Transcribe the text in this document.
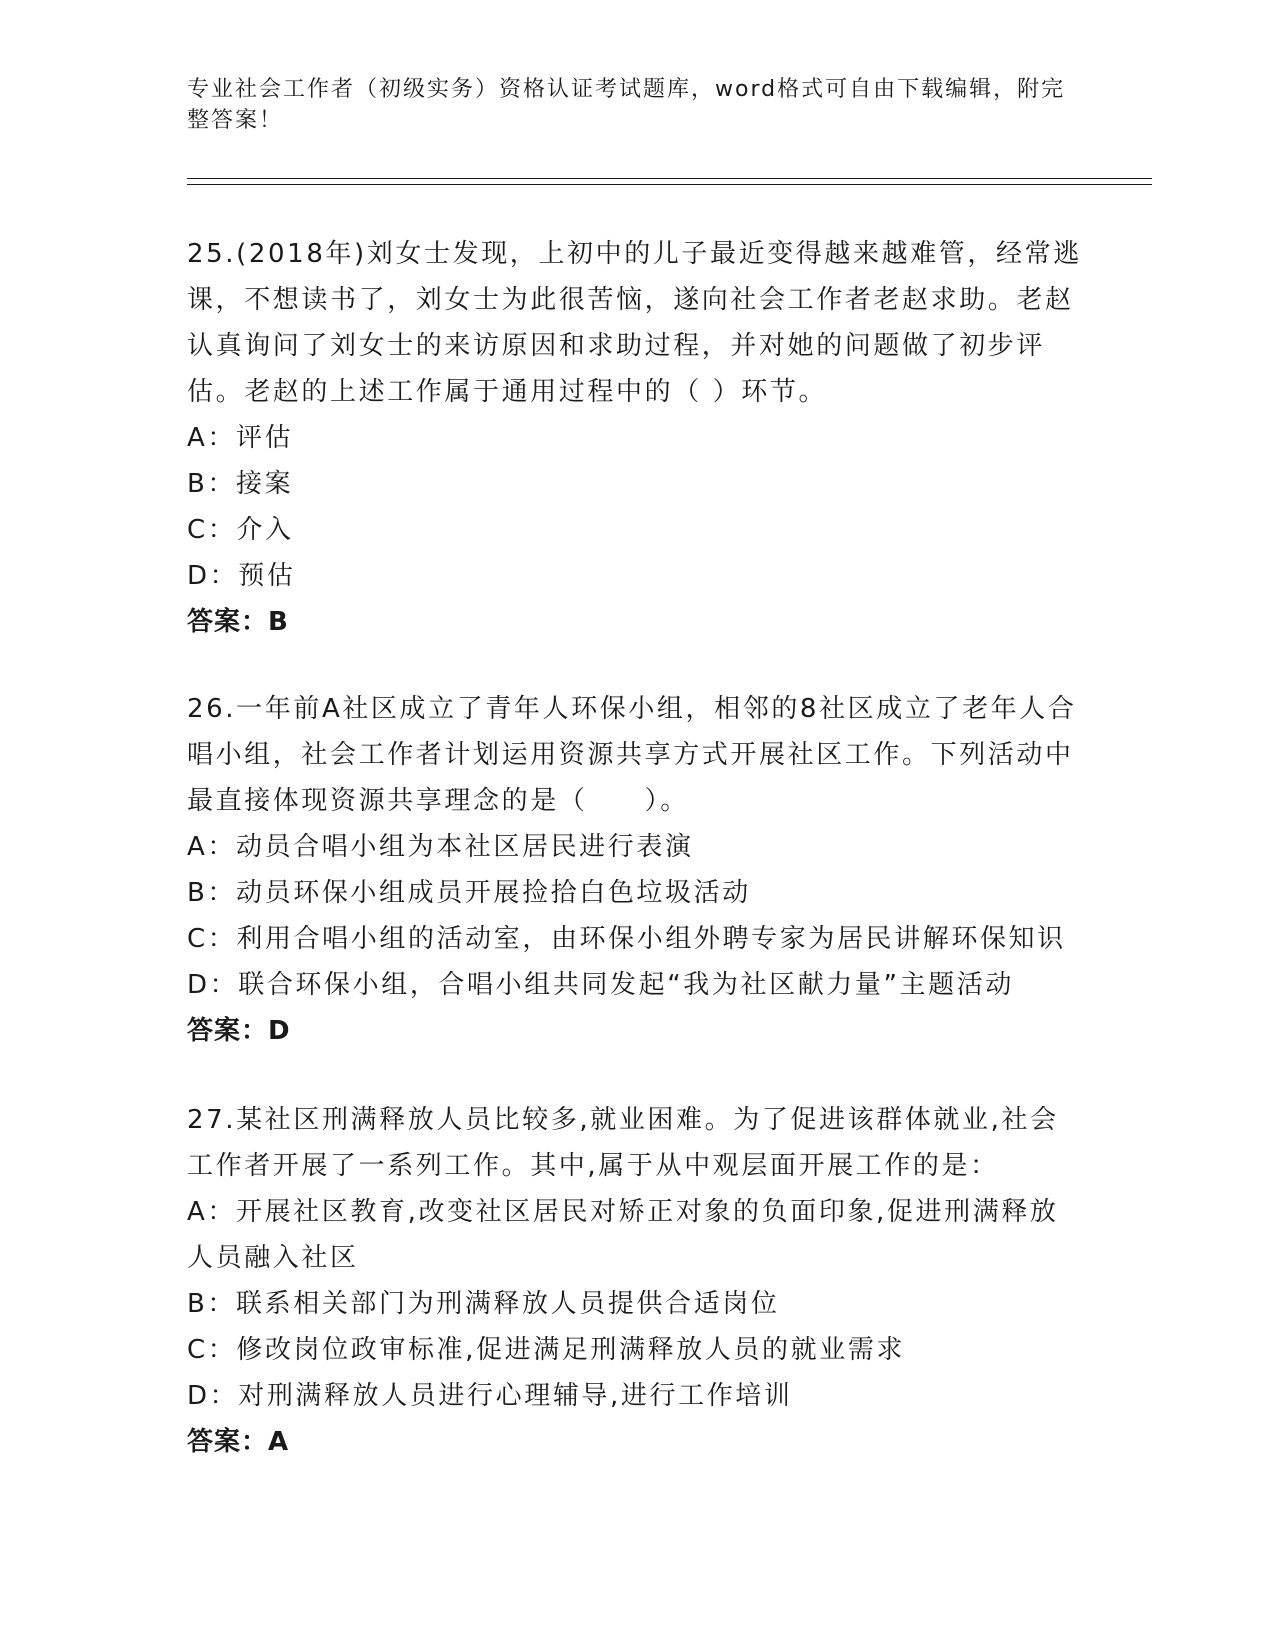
专业社会工作者（初级实务）资格认证考试题库，word格式可自由下载编辑，附完整答案！
25.(2018年)刘女士发现，上初中的儿子最近变得越来越难管，经常逃课，不想读书了，刘女士为此很苦恼，遂向社会工作者老赵求助。老赵认真询问了刘女士的来访原因和求助过程，并对她的问题做了初步评估。老赵的上述工作属于通用过程中的（ ）环节。
A：评估
B：接案
C：介入
D：预估
答案：B
26.一年前A社区成立了青年人环保小组，相邻的8社区成立了老年人合唱小组，社会工作者计划运用资源共享方式开展社区工作。下列活动中最直接体现资源共享理念的是（　　）。
A：动员合唱小组为本社区居民进行表演
B：动员环保小组成员开展捡拾白色垃圾活动
C：利用合唱小组的活动室，由环保小组外聘专家为居民讲解环保知识
D：联合环保小组，合唱小组共同发起“我为社区献力量”主题活动
答案：D
27.某社区刑满释放人员比较多,就业困难。为了促进该群体就业,社会工作者开展了一系列工作。其中,属于从中观层面开展工作的是：
A：开展社区教育,改变社区居民对矫正对象的负面印象,促进刑满释放人员融入社区
B：联系相关部门为刑满释放人员提供合适岗位
C：修改岗位政审标准,促进满足刑满释放人员的就业需求
D：对刑满释放人员进行心理辅导,进行工作培训
答案：A
